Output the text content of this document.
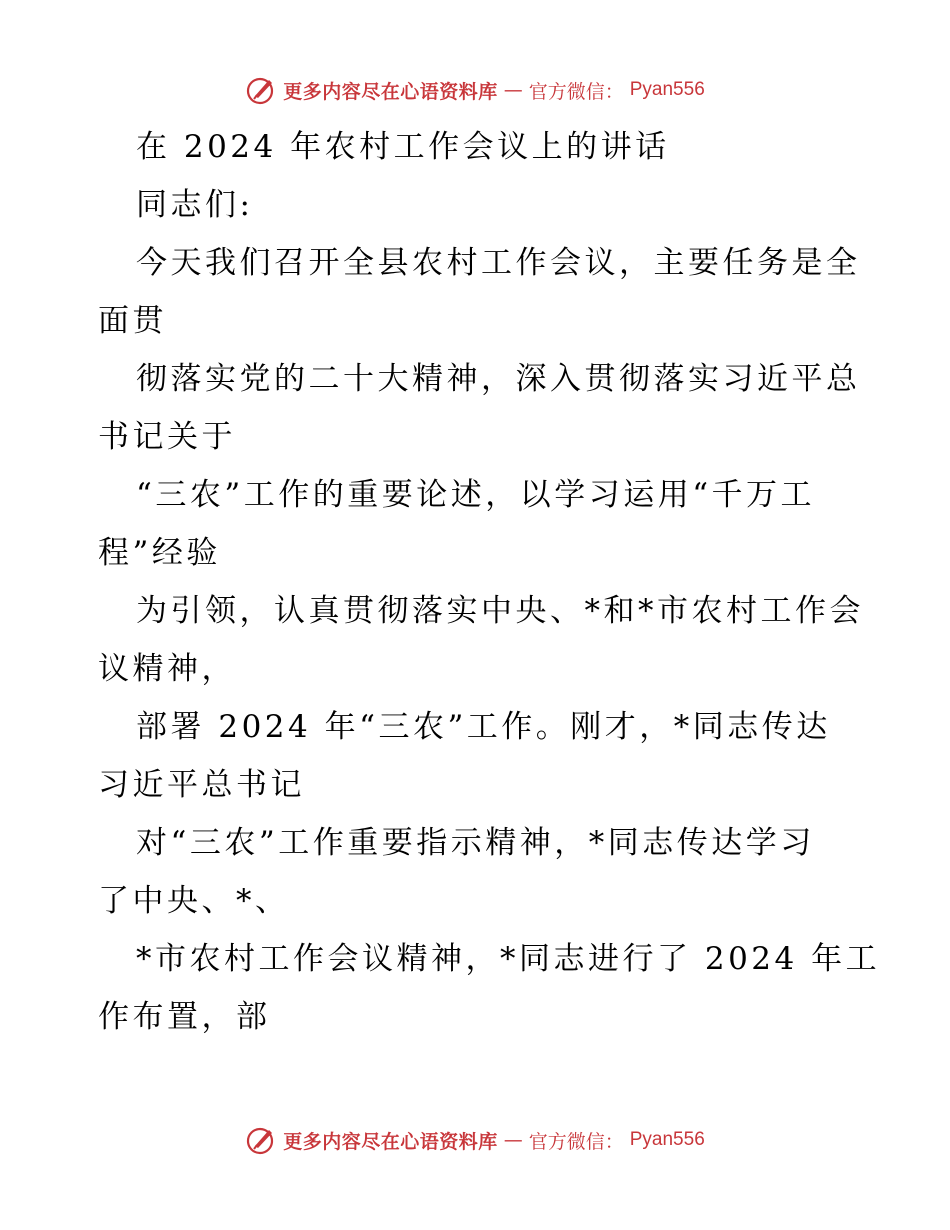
更多内容尽在心语资料库 — 官方微信： Pyan556
在 2024 年农村工作会议上的讲话
同志们:
今天我们召开全县农村工作会议，主要任务是全
面贯
彻落实党的二十大精神，深入贯彻落实习近平总
书记关于
“三农”工作的重要论述，以学习运用“千万工
程”经验
为引领，认真贯彻落实中央、*和*市农村工作会
议精神，
部署 2024 年“三农”工作。刚才，*同志传达
习近平总书记
对“三农”工作重要指示精神，*同志传达学习
了中央、*、
*市农村工作会议精神，*同志进行了 2024 年工
作布置，部
更多内容尽在心语资料库 — 官方微信： Pyan556
